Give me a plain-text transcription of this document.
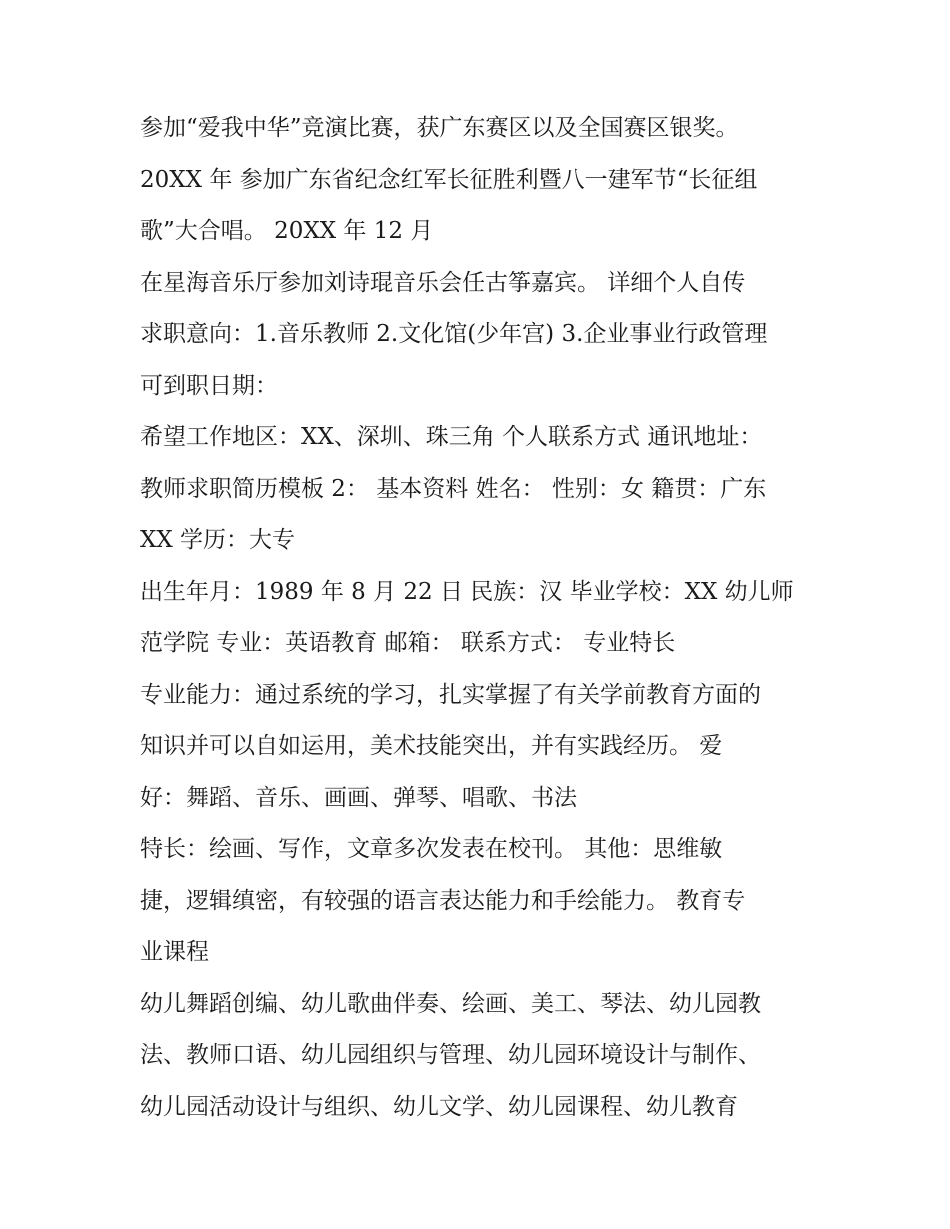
参加“爱我中华”竞演比赛，获广东赛区以及全国赛区银奖。
20XX 年 参加广东省纪念红军长征胜利暨八一建军节“长征组
歌”大合唱。 20XX 年 12 月
在星海音乐厅参加刘诗琨音乐会任古筝嘉宾。 详细个人自传
求职意向：1.音乐教师 2.文化馆(少年宫) 3.企业事业行政管理
可到职日期：
希望工作地区：XX、深圳、珠三角 个人联系方式 通讯地址：
教师求职简历模板 2： 基本资料 姓名： 性别：女 籍贯：广东
XX 学历：大专
出生年月：1989 年 8 月 22 日 民族：汉 毕业学校：XX 幼儿师
范学院 专业：英语教育 邮箱： 联系方式： 专业特长
专业能力：通过系统的学习，扎实掌握了有关学前教育方面的
知识并可以自如运用，美术技能突出，并有实践经历。 爱
好：舞蹈、音乐、画画、弹琴、唱歌、书法
特长：绘画、写作，文章多次发表在校刊。 其他：思维敏
捷，逻辑缜密，有较强的语言表达能力和手绘能力。 教育专
业课程
幼儿舞蹈创编、幼儿歌曲伴奏、绘画、美工、琴法、幼儿园教
法、教师口语、幼儿园组织与管理、幼儿园环境设计与制作、
幼儿园活动设计与组织、幼儿文学、幼儿园课程、幼儿教育
